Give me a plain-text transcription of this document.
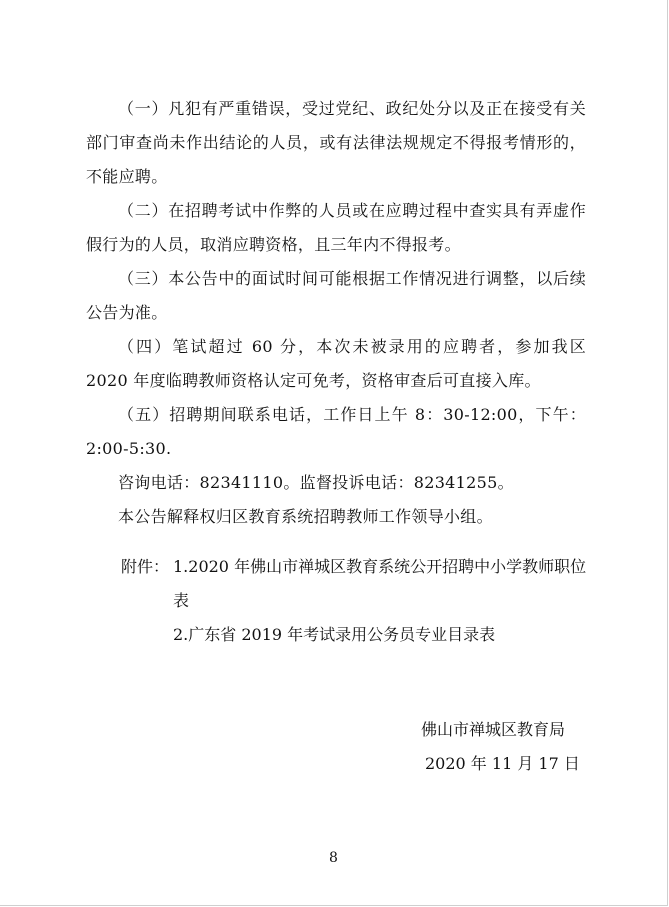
（一）凡犯有严重错误，受过党纪、政纪处分以及正在接受有关部门审查尚未作出结论的人员，或有法律法规规定不得报考情形的，不能应聘。

（二）在招聘考试中作弊的人员或在应聘过程中查实具有弄虚作假行为的人员，取消应聘资格，且三年内不得报考。

（三）本公告中的面试时间可能根据工作情况进行调整，以后续公告为准。

（四）笔试超过 60 分，本次未被录用的应聘者，参加我区 2020 年度临聘教师资格认定可免考，资格审查后可直接入库。

（五）招聘期间联系电话，工作日上午 8：30-12:00，下午：2:00-5:30.

咨询电话：82341110。监督投诉电话：82341255。

本公告解释权归区教育系统招聘教师工作领导小组。

附件： 1.2020 年佛山市禅城区教育系统公开招聘中小学教师职位表
2.广东省 2019 年考试录用公务员专业目录表
佛山市禅城区教育局
2020 年 11 月 17 日
8
